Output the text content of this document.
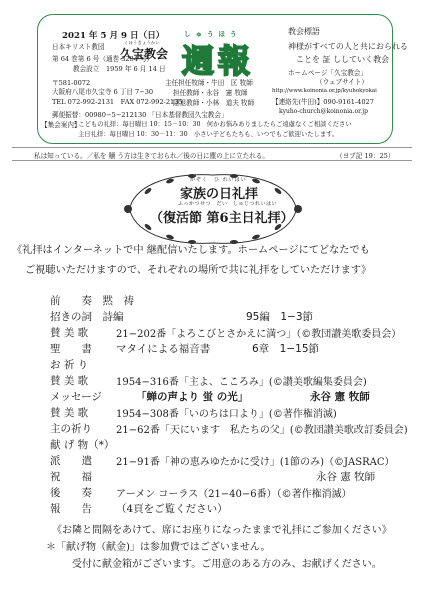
2021 年 5 月 9 日（日）
日本キリスト教団
くほうきょうかい
久宝教会
第 64 巻第 6 号（通巻 3234 号）
教会設立　1959 年 6 月 14 日
〒581-0072
大阪府八尾市久宝寺 6 丁目 7−30
TEL 072-992-2131　FAX 072-992-2135
しゅうほう
週報
主任担任牧師・牛田　匡 牧師
担任教師・永谷　憲 牧師
隠退教師・小林　道夫 牧師
教会標語
神様がすべての人と共におられる
ことを 証 ししていく教会
ホームページ「久宝教会」
（ウェブサイト）
http://www.koinonia.or.jp/kyuhokyokai
【連絡先(牛田)】090-9161-4027
kyuho-church@koinonia.or.jp
郵便振替：00980−5−212130 「日本基督教団久宝教会」
【集会案内】
・こどもの礼拝：毎日曜日 10：15－10：30　何かお悩みありましたらご遠慮なくご相談ください
主日礼拝：毎日曜日 10：30－11：30　小さい子どもたちも、いつでもご歓迎いたします。
私は知っている。／私を 贖 う方は生きておられ／後の日に塵の上に立たれる。	（ヨブ記 19：25）
かぞく　ひ れいはい
家族の日礼拝
ふっかつせつ　だい　しゅじつれいはい
（復活節 第6主日礼拝）
《礼拝はインターネットで中 継配信いたします。ホームページにてどなたでも
ご視聴いただけますので、それぞれの場所で共に礼拝をしていただけます》
前　　奏　黙　祷
招きの詞　詩編	95編　1−3節
賛 美 歌	21−202番「よろこびとさかえに満つ」（©教団讃美歌委員会）
聖　　書 マタイによる福音書	6章　1−15節
お 祈 り
賛 美 歌	1954−316番「主よ、こころみ」(©讃美歌編集委員会)
メッセージ	「蝉の声より 蛍 の光」	永谷 憲 牧師
賛 美 歌	1954−308番「いのちは口より」(©著作権消滅)
主の祈り 21−62番「天にいます　私たちの父」(©教団讃美歌改訂委員会)
献 げ 物（*）
派　　遣 21−91番「神の恵みゆたかに受け」(1節のみ)（©JASRAC）
祝　　福	永谷 憲 牧師
後　　奏 アーメン コーラス（21−40−6番）（©著作権消滅）
報　　告 （4頁をご覧ください）
《お隣と間隔をあけて、席にお座りになったままで礼拝にご参加ください》
＊「献げ物（献金)」は参加費ではございません。
受付に献金箱がございます。ご用意のある方のみ、お献げください。
